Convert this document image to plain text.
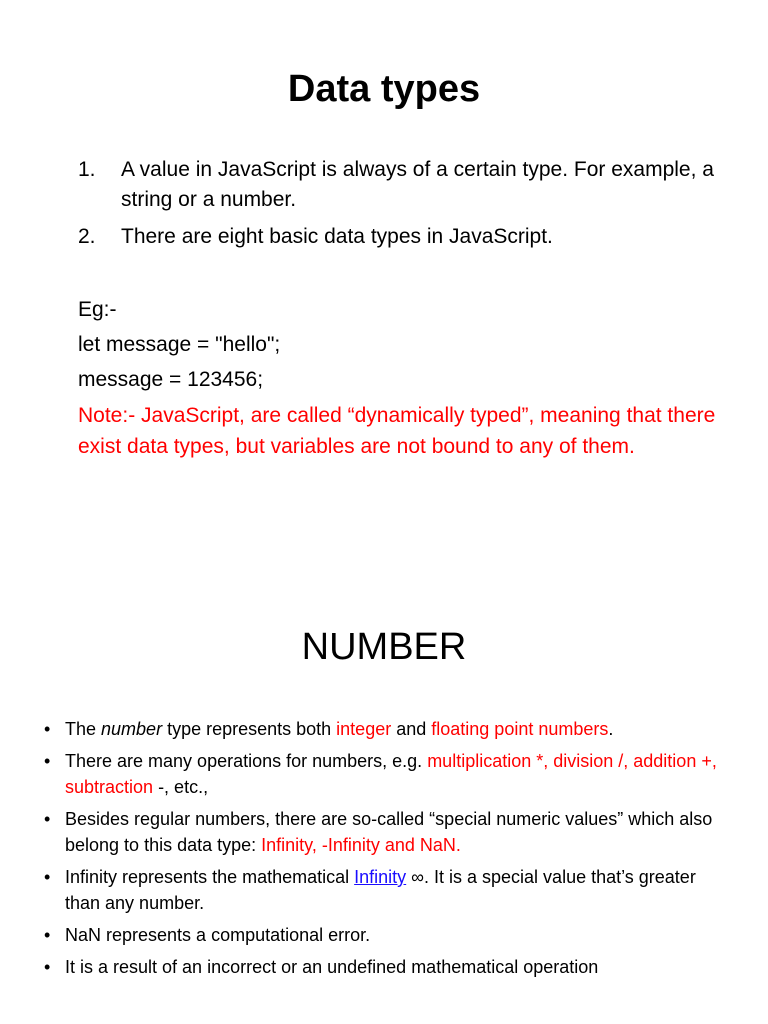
Data types
1. A value in JavaScript is always of a certain type. For example, a string or a number.
2. There are eight basic data types in JavaScript.
Eg:-
let message = "hello";
message = 123456;
Note:- JavaScript, are called “dynamically typed”, meaning that there exist data types, but variables are not bound to any of them.
NUMBER
• The number type represents both integer and floating point numbers.
• There are many operations for numbers, e.g. multiplication *, division /, addition +, subtraction -, etc.,
• Besides regular numbers, there are so-called “special numeric values” which also belong to this data type: Infinity, -Infinity and NaN.
• Infinity represents the mathematical Infinity ∞. It is a special value that’s greater than any number.
• NaN represents a computational error.
• It is a result of an incorrect or an undefined mathematical operation
